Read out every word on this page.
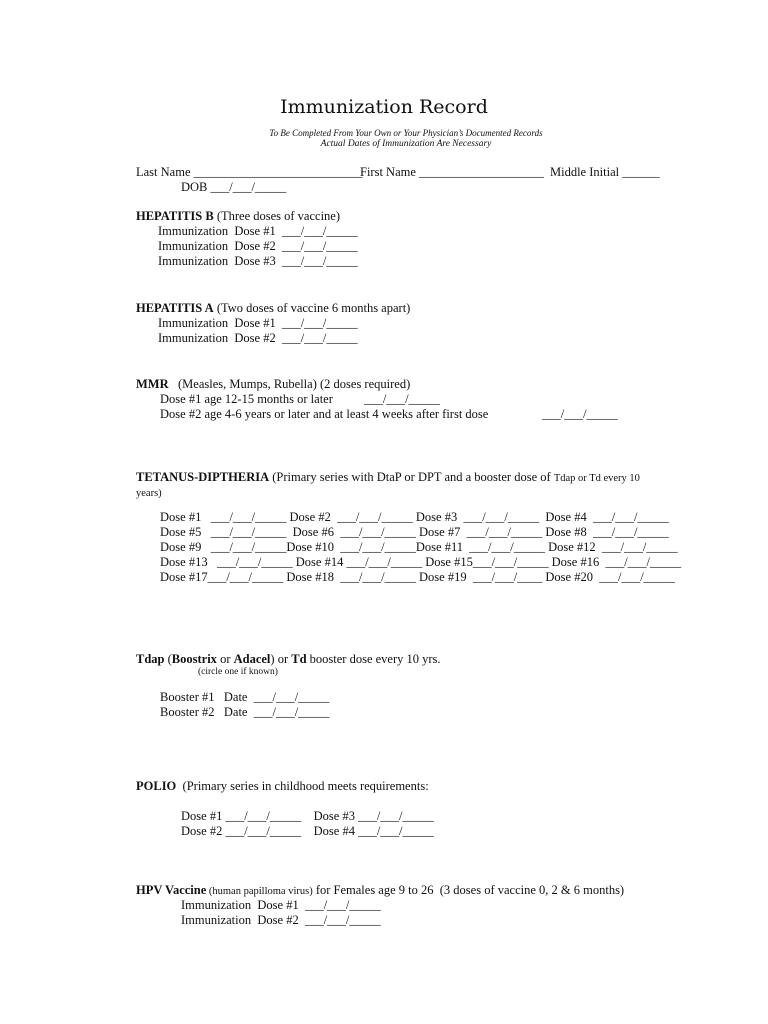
Immunization Record
To Be Completed From Your Own or Your Physician’s Documented Records
Actual Dates of Immunization Are Necessary
Last Name ___________________________
First Name ____________________ Middle Initial ______
DOB ___/___/_____
HEPATITIS B (Three doses of vaccine)
Immunization  Dose #1  ___/___/_____
Immunization  Dose #2  ___/___/_____
Immunization  Dose #3  ___/___/_____
HEPATITIS A (Two doses of vaccine 6 months apart)
Immunization  Dose #1  ___/___/_____
Immunization  Dose #2  ___/___/_____
MMR   (Measles, Mumps, Rubella) (2 doses required)
Dose #1 age 12-15 months or later          ___/___/_____
Dose #2 age 4-6 years or later and at least 4 weeks after first dose	___/___/_____
TETANUS-DIPTHERIA (Primary series with DtaP or DPT and a booster dose of Tdap or Td every 10
years)
Dose #1   ___/___/_____ Dose #2  ___/___/_____ Dose #3  ___/___/_____  Dose #4  ___/___/_____
Dose #5   ___/___/_____  Dose #6  ___/___/_____ Dose #7  ___/___/_____ Dose #8  ___/___/_____
Dose #9   ___/___/_____Dose #10  ___/___/_____Dose #11  ___/___/_____ Dose #12  ___/___/_____
Dose #13   ___/___/_____ Dose #14 ___/___/_____ Dose #15___/___/_____ Dose #16  ___/___/_____
Dose #17___/___/_____ Dose #18  ___/___/_____ Dose #19  ___/___/____ Dose #20  ___/___/_____
Tdap (Boostrix or Adacel) or Td booster dose every 10 yrs.
(circle one if known)
Booster #1   Date  ___/___/_____
Booster #2   Date  ___/___/_____
POLIO  (Primary series in childhood meets requirements:
Dose #1 ___/___/_____    Dose #3 ___/___/_____
Dose #2 ___/___/_____    Dose #4 ___/___/_____
HPV Vaccine (human papilloma virus) for Females age 9 to 26  (3 doses of vaccine 0, 2 & 6 months)
Immunization  Dose #1  ___/___/_____
Immunization  Dose #2  ___/___/_____
